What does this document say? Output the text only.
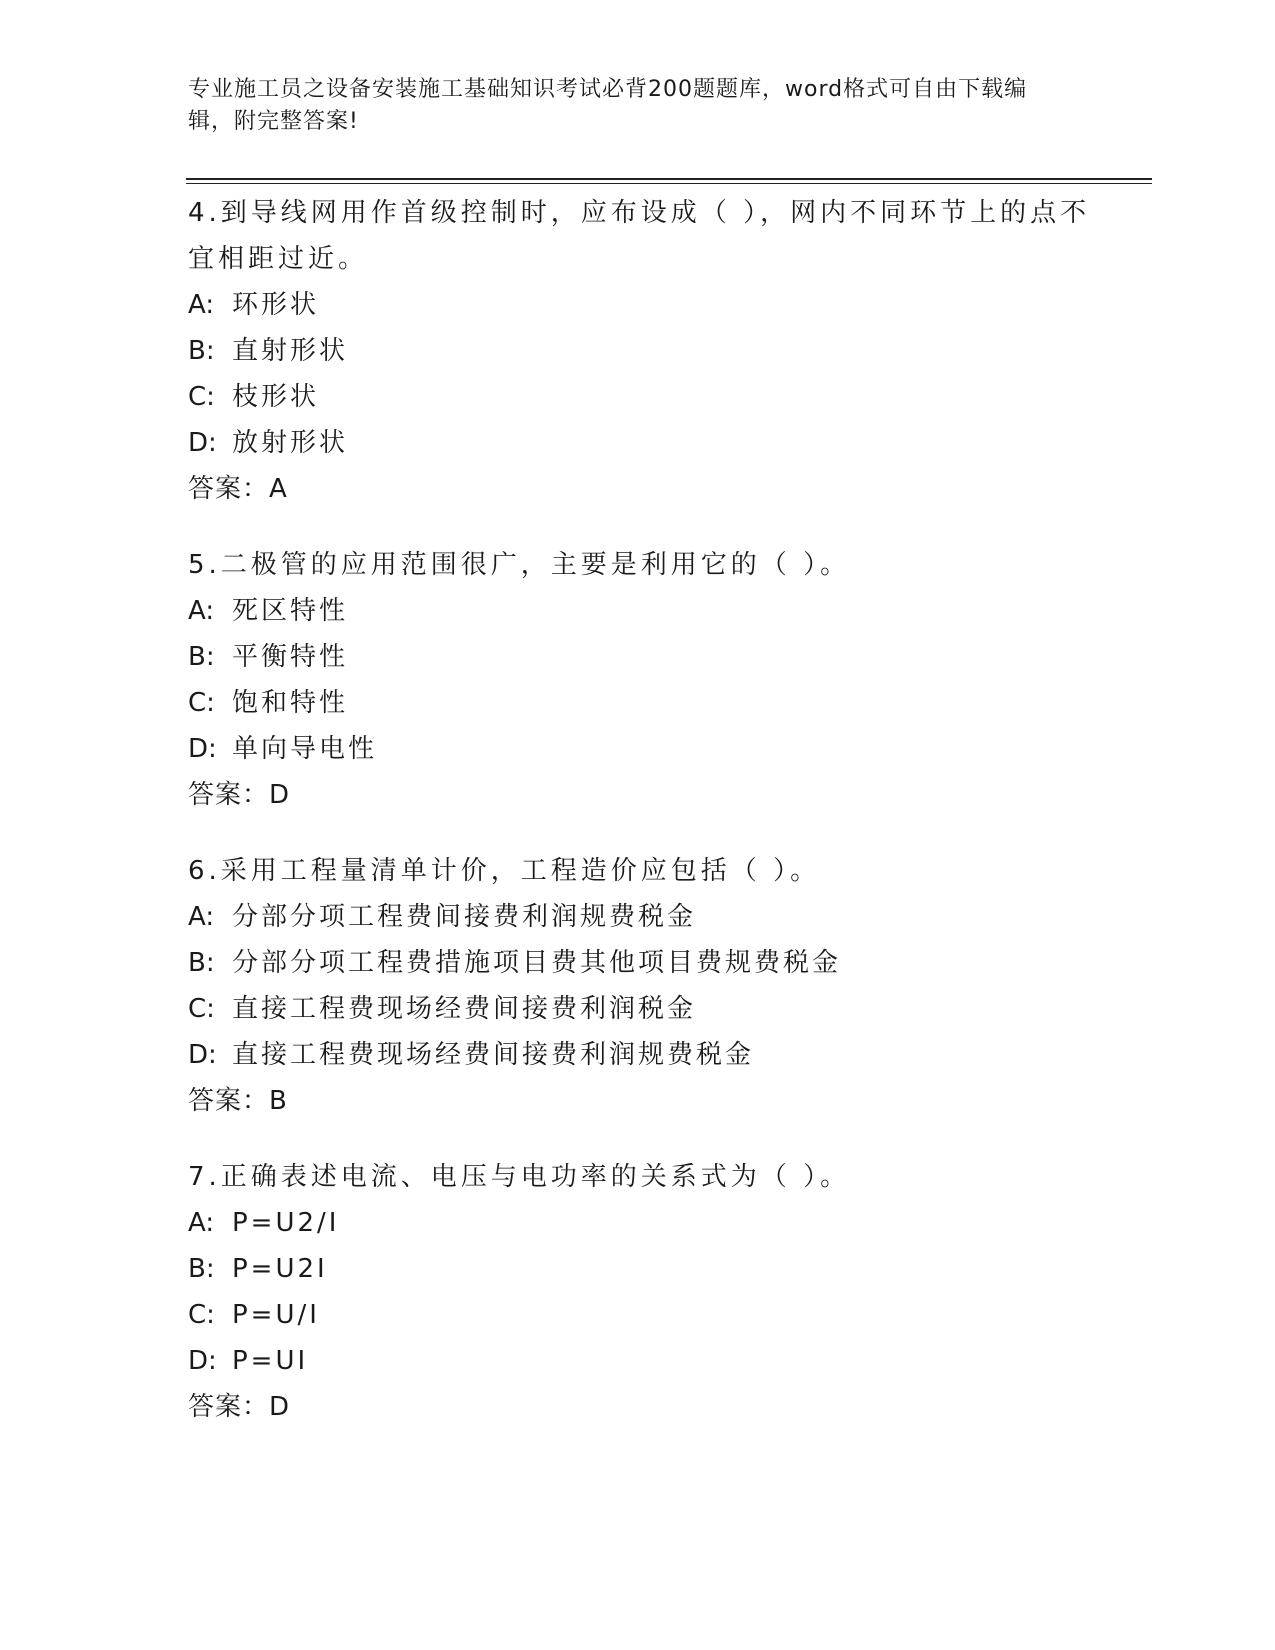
专业施工员之设备安装施工基础知识考试必背200题题库，word格式可自由下载编辑，附完整答案!
4.到导线网用作首级控制时，应布设成（ ），网内不同环节上的点不
宜相距过近。
A: 环形状
B: 直射形状
C: 枝形状
D: 放射形状
答案：A
5.二极管的应用范围很广，主要是利用它的（ ）。
A: 死区特性
B: 平衡特性
C: 饱和特性
D: 单向导电性
答案：D
6.采用工程量清单计价，工程造价应包括（ ）。
A: 分部分项工程费间接费利润规费税金
B: 分部分项工程费措施项目费其他项目费规费税金
C: 直接工程费现场经费间接费利润税金
D: 直接工程费现场经费间接费利润规费税金
答案：B
7.正确表述电流、电压与电功率的关系式为（ ）。
A: P=U2/I
B: P=U2I
C: P=U/I
D: P=UI
答案：D
